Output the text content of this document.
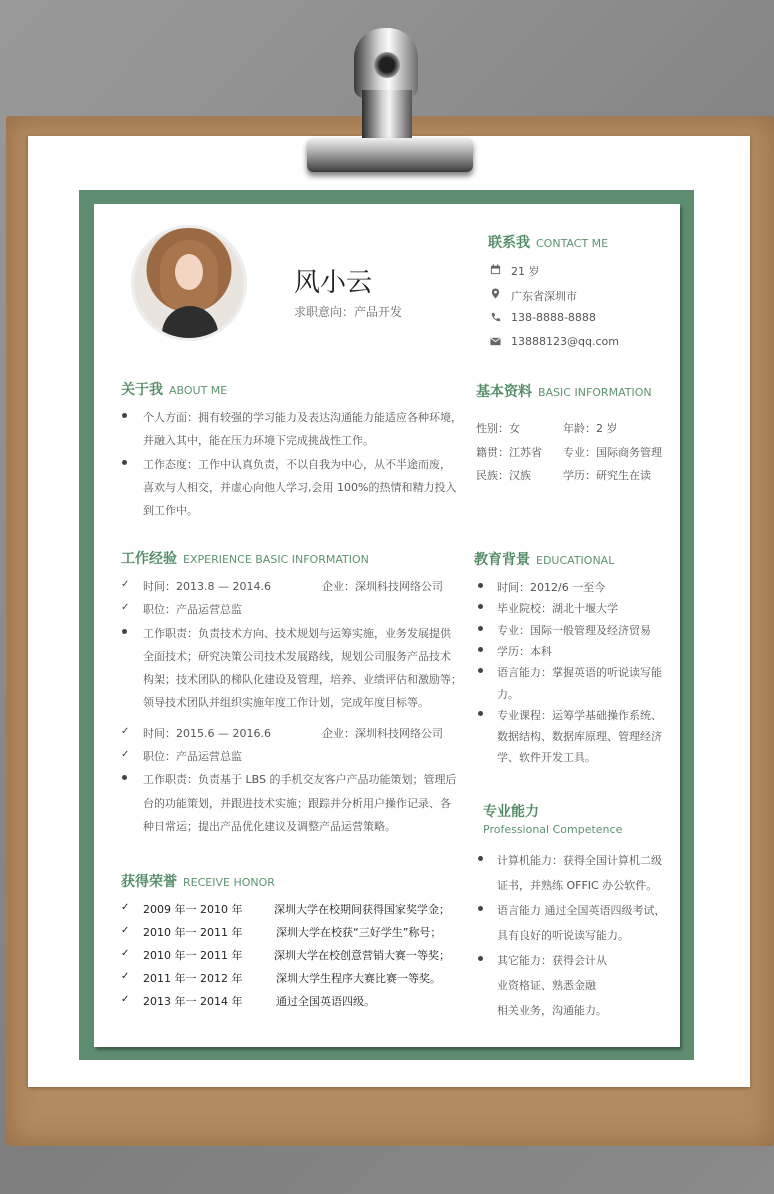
风小云
求职意向：产品开发
联系我 CONTACT ME
21 岁
广东省深圳市
138-8888-8888
13888123@qq.com
关于我 ABOUT ME
个人方面：拥有较强的学习能力及表达沟通能力能适应各种环境，
并融入其中，能在压力环境下完成挑战性工作。
工作态度：工作中认真负责，不以自我为中心，从不半途而废，
喜欢与人相交，并虚心向他人学习,会用 100%的热情和精力投入
到工作中。
基本资料 BASIC INFORMATION
性别：女	年龄：2 岁
籍贯：江苏省 专业：国际商务管理
民族：汉族	学历：研究生在读
工作经验 EXPERIENCE BASIC INFORMATION
✓ 时间：2013.8 — 2014.6	企业：深圳科技网络公司
✓ 职位：产品运营总监
工作职责：负责技术方向、技术规划与运筹实施，业务发展提供
全面技术；研究决策公司技术发展路线，规划公司服务产品技术
构架；技术团队的梯队化建设及管理，培养、业绩评估和激励等；
领导技术团队并组织实施年度工作计划，完成年度目标等。
✓ 时间：2015.6 — 2016.6	企业：深圳科技网络公司
✓ 职位：产品运营总监
工作职责：负责基于 LBS 的手机交友客户产品功能策划；管理后
台的功能策划，并跟进技术实施；跟踪并分析用户操作记录、各
种日常运；提出产品优化建议及调整产品运营策略。
教育背景 EDUCATIONAL
时间：2012/6 一至今
毕业院校：湖北十堰大学
专业：国际一般管理及经济贸易
学历：本科
语言能力：掌握英语的听说读写能
力。
专业课程：运筹学基础操作系统、
数据结构、数据库原理、管理经济
学、软件开发工具。
专业能力
Professional Competence
计算机能力：获得全国计算机二级
证书，并熟练 OFFIC 办公软件。
语言能力 通过全国英语四级考试，
具有良好的听说读写能力。
其它能力：获得会计从
业资格证、熟悉金融
相关业务，沟通能力。
获得荣誉 RECEIVE HONOR
✓ 2009 年一 2010 年	深圳大学在校期间获得国家奖学金；
✓ 2010 年一 2011 年	深圳大学在校获“三好学生”称号；
✓ 2010 年一 2011 年	深圳大学在校创意营销大赛一等奖；
✓ 2011 年一 2012 年	深圳大学生程序大赛比赛一等奖。
✓ 2013 年一 2014 年	通过全国英语四级。
